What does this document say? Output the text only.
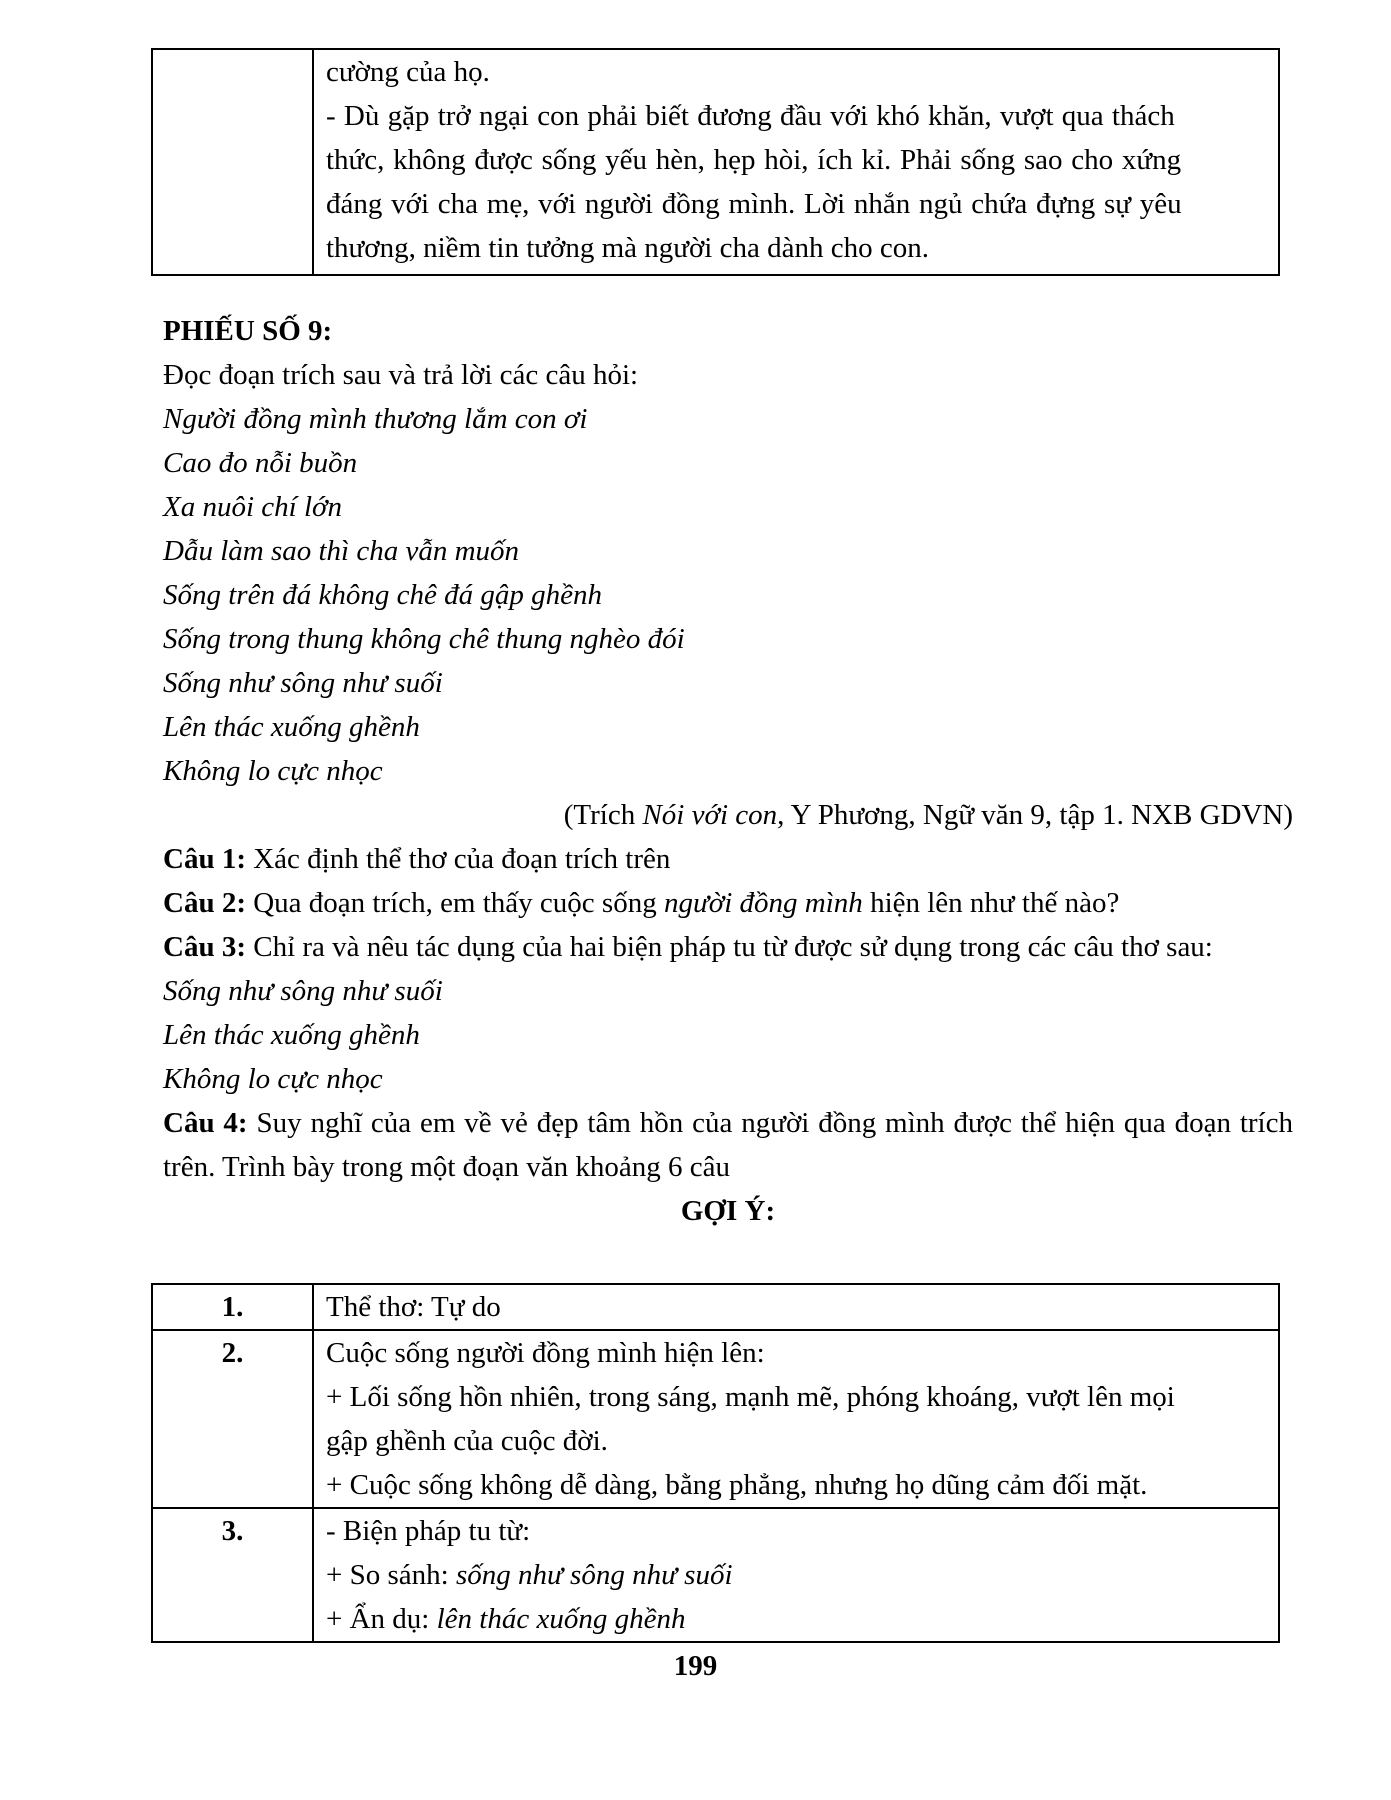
cường của họ.
- Dù gặp trở ngại con phải biết đương đầu với khó khăn, vượt qua thách
thức, không được sống yếu hèn, hẹp hòi, ích kỉ. Phải sống sao cho xứng
đáng với cha mẹ, với người đồng mình. Lời nhắn ngủ chứa đựng sự yêu
thương, niềm tin tưởng mà người cha dành cho con.
PHIẾU SỐ 9:
Đọc đoạn trích sau và trả lời các câu hỏi:
Người đồng mình thương lắm con ơi
Cao đo nỗi buồn
Xa nuôi chí lớn
Dẫu làm sao thì cha vẫn muốn
Sống trên đá không chê đá gập ghềnh
Sống trong thung không chê thung nghèo đói
Sống như sông như suối
Lên thác xuống ghềnh
Không lo cực nhọc
(Trích Nói với con, Y Phương, Ngữ văn 9, tập 1. NXB GDVN)
Câu 1: Xác định thể thơ của đoạn trích trên
Câu 2: Qua đoạn trích, em thấy cuộc sống người đồng mình hiện lên như thế nào?
Câu 3: Chỉ ra và nêu tác dụng của hai biện pháp tu từ được sử dụng trong các câu thơ sau:
Sống như sông như suối
Lên thác xuống ghềnh
Không lo cực nhọc
Câu 4: Suy nghĩ của em về vẻ đẹp tâm hồn của người đồng mình được thể hiện qua đoạn trích trên. Trình bày trong một đoạn văn khoảng 6 câu
GỢI Ý:
1.	Thể thơ: Tự do

2.	Cuộc sống người đồng mình hiện lên:
+ Lối sống hồn nhiên, trong sáng, mạnh mẽ, phóng khoáng, vượt lên mọi
gập ghềnh của cuộc đời.
+ Cuộc sống không dễ dàng, bằng phẳng, nhưng họ dũng cảm đối mặt.

3.	- Biện pháp tu từ:
+ So sánh: sống như sông như suối
+ Ẩn dụ: lên thác xuống ghềnh
199
